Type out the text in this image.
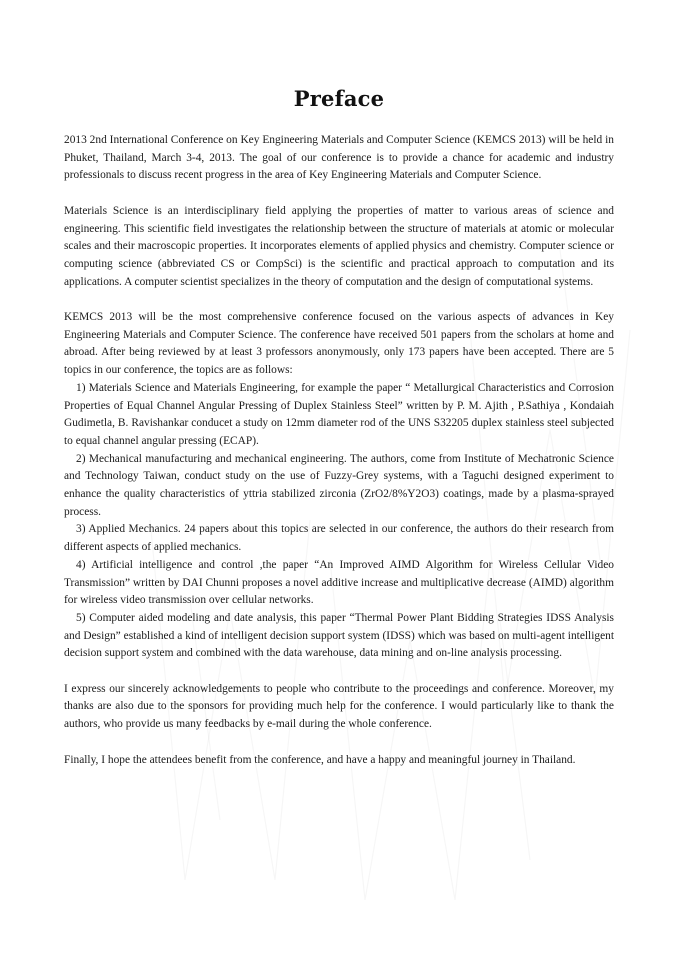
Preface

2013 2nd International Conference on Key Engineering Materials and Computer Science (KEMCS 2013) will be held in Phuket, Thailand, March 3-4, 2013. The goal of our conference is to provide a chance for academic and industry professionals to discuss recent progress in the area of Key Engineering Materials and Computer Science.

Materials Science is an interdisciplinary field applying the properties of matter to various areas of science and engineering. This scientific field investigates the relationship between the structure of materials at atomic or molecular scales and their macroscopic properties. It incorporates elements of applied physics and chemistry. Computer science or computing science (abbreviated CS or CompSci) is the scientific and practical approach to computation and its applications. A computer scientist specializes in the theory of computation and the design of computational systems.

KEMCS 2013 will be the most comprehensive conference focused on the various aspects of advances in Key Engineering Materials and Computer Science. The conference have received 501 papers from the scholars at home and abroad. After being reviewed by at least 3 professors anonymously, only 173 papers have been accepted. There are 5 topics in our conference, the topics are as follows:

1) Materials Science and Materials Engineering, for example the paper “ Metallurgical Characteristics and Corrosion Properties of Equal Channel Angular Pressing of Duplex Stainless Steel” written by P. M. Ajith , P.Sathiya , Kondaiah Gudimetla, B. Ravishankar conducet a study on 12mm diameter rod of the UNS S32205 duplex stainless steel subjected to equal channel angular pressing (ECAP).

2) Mechanical manufacturing and mechanical engineering. The authors, come from Institute of Mechatronic Science and Technology Taiwan, conduct study on the use of Fuzzy-Grey systems, with a Taguchi designed experiment to enhance the quality characteristics of yttria stabilized zirconia (ZrO2/8%Y2O3) coatings, made by a plasma-sprayed process.

3) Applied Mechanics. 24 papers about this topics are selected in our conference, the authors do their research from different aspects of applied mechanics.

4) Artificial intelligence and control ,the paper “An Improved AIMD Algorithm for Wireless Cellular Video Transmission” written by DAI Chunni proposes a novel additive increase and multiplicative decrease (AIMD) algorithm for wireless video transmission over cellular networks.

5) Computer aided modeling and date analysis, this paper “Thermal Power Plant Bidding Strategies IDSS Analysis and Design” established a kind of intelligent decision support system (IDSS) which was based on multi-agent intelligent decision support system and combined with the data warehouse, data mining and on-line analysis processing.

I express our sincerely acknowledgements to people who contribute to the proceedings and conference. Moreover, my thanks are also due to the sponsors for providing much help for the conference. I would particularly like to thank the authors, who provide us many feedbacks by e-mail during the whole conference.

Finally, I hope the attendees benefit from the conference, and have a happy and meaningful journey in Thailand.
